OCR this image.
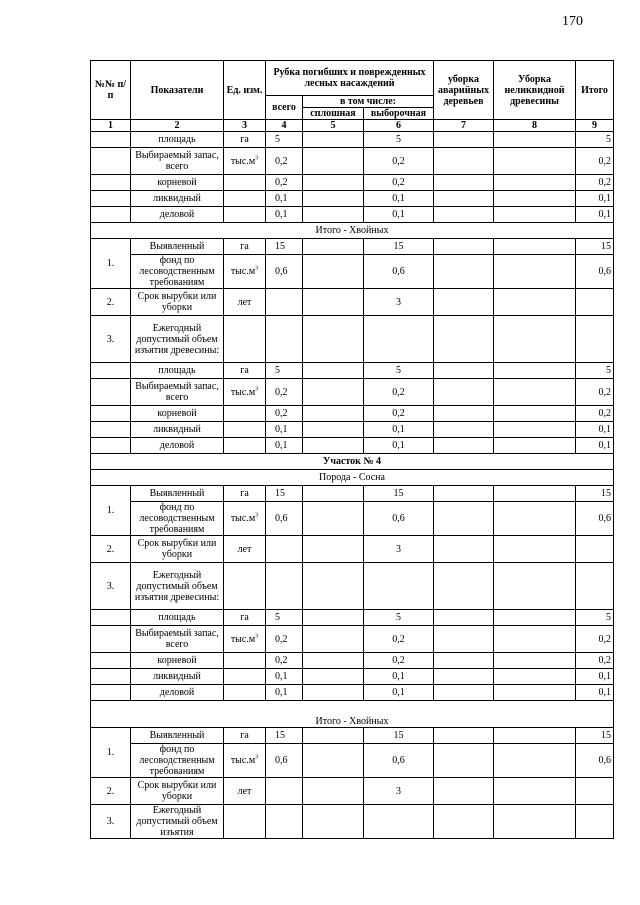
170
№№ п/п	Показатели	Ед. изм.	Рубка погибших и поврежденных лесных насаждений			уборка аварийных деревьев	Уборка неликвидной древесины	Итого
			всего	в том числе:				
				сплошная	выборочная			
1	2	3	4	5	6	7	8	9
	площадь	га	5		5			5
	Выбираемый запас, всего	$тыс.м^3$	0,2		0,2			0,2
	корневой		0,2		0,2			0,2
	ликвидный		0,1		0,1			0,1
	деловой		0,1		0,1			0,1
Итого - Хвойных								
1.	Выявленный	га	15		15			15
	фонд по лесоводственным требованиям	$тыс.м^3$	0,6		0,6			0,6
2.	Срок вырубки или уборки	лет			3			
3.	Ежегодный допустимый объем изъятия древесины:							
	площадь	га	5		5			5
	Выбираемый запас, всего	$тыс.м^3$	0,2		0,2			0,2
	корневой		0,2		0,2			0,2
	ликвидный		0,1		0,1			0,1
	деловой		0,1		0,1			0,1
Участок № 4								
Порода - Сосна								
1.	Выявленный	га	15		15			15
	фонд по лесоводственным требованиям	$тыс.м^3$	0,6		0,6			0,6
2.	Срок вырубки или уборки	лет			3			
3.	Ежегодный допустимый объем изъятия древесины:							
	площадь	га	5		5			5
	Выбираемый запас, всего	$тыс.м^3$	0,2		0,2			0,2
	корневой		0,2		0,2			0,2
	ликвидный		0,1		0,1			0,1
	деловой		0,1		0,1			0,1
Итого - Хвойных								
1.	Выявленный	га	15		15			15
	фонд по лесоводственным требованиям	$тыс.м^3$	0,6		0,6			0,6
2.	Срок вырубки или уборки	лет			3			
3.	Ежегодный допустимый объем изъятия							
